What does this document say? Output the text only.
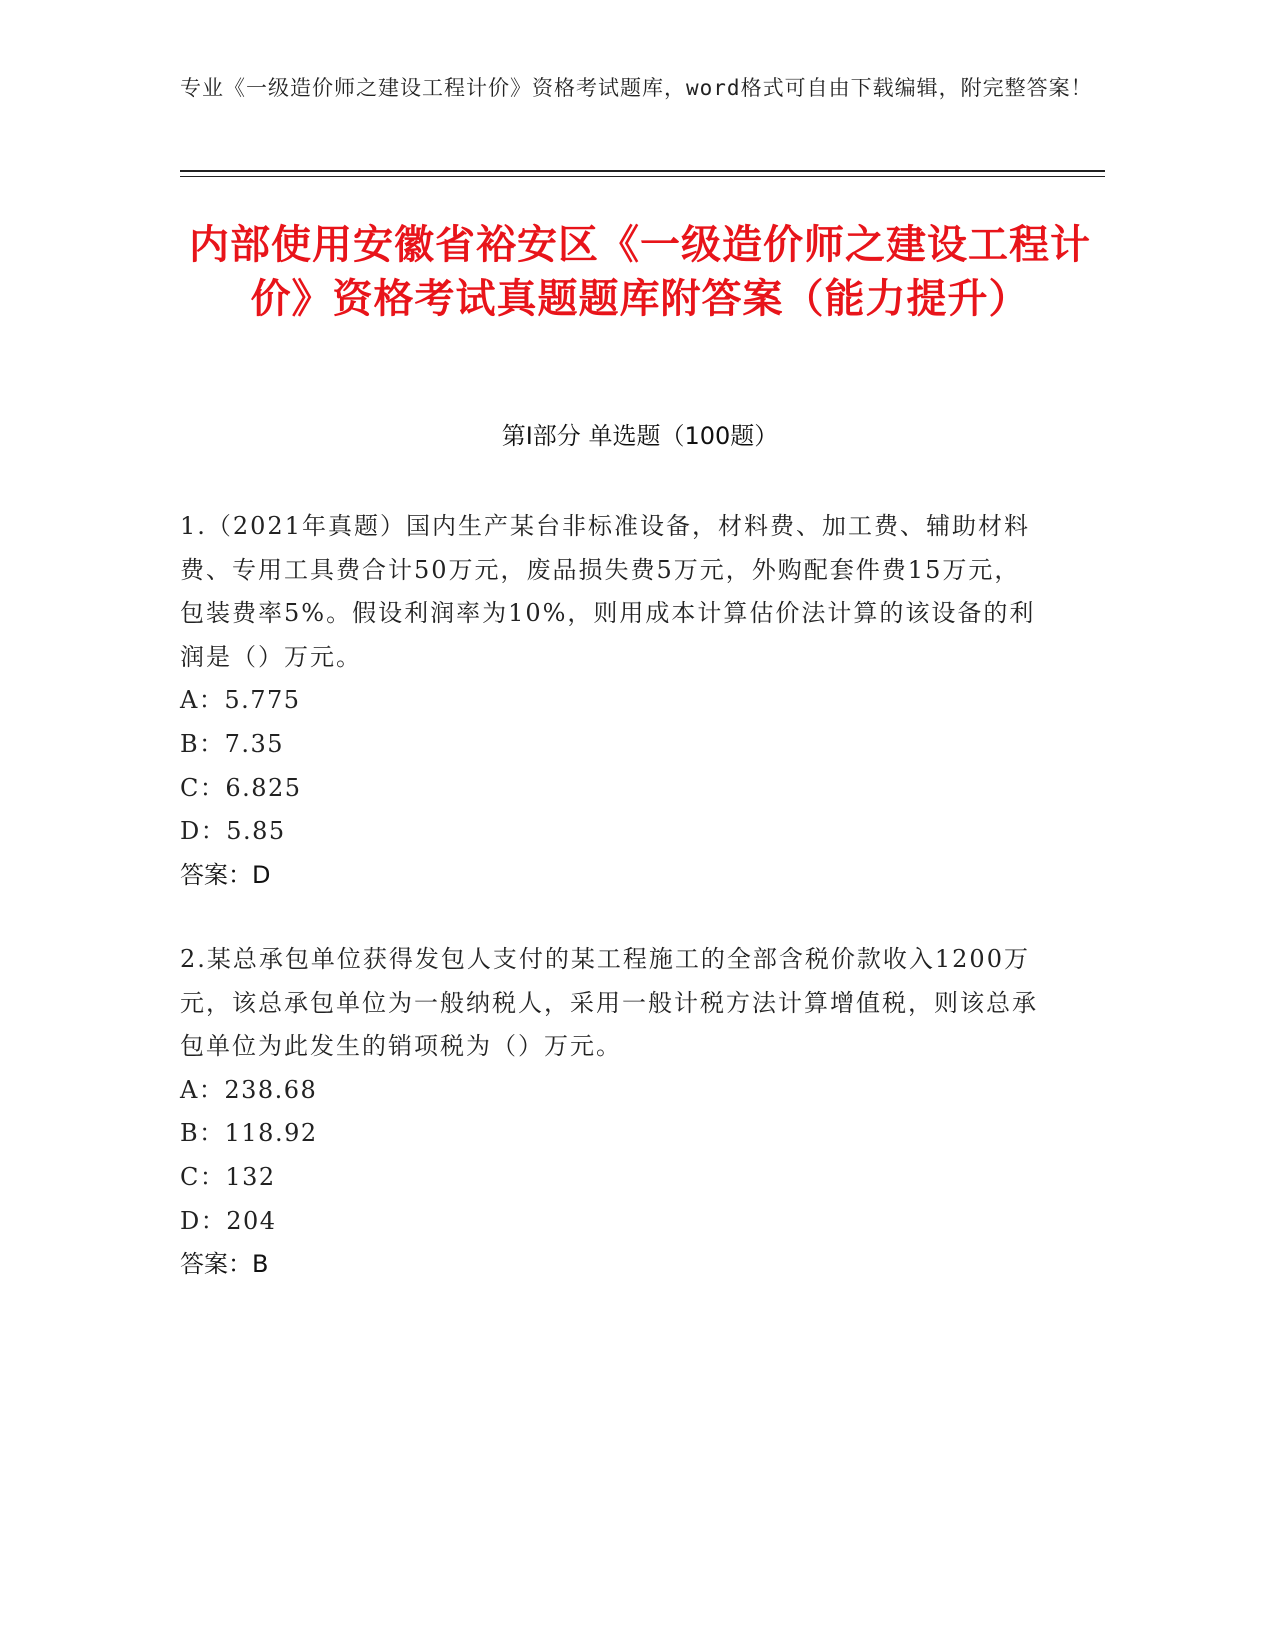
专业《一级造价师之建设工程计价》资格考试题库，word格式可自由下载编辑，附完整答案！
内部使用安徽省裕安区《一级造价师之建设工程计价》资格考试真题题库附答案（能力提升）
第Ⅰ部分 单选题（100题）

1.（2021年真题）国内生产某台非标准设备，材料费、加工费、辅助材料费、专用工具费合计50万元，废品损失费5万元，外购配套件费15万元，包装费率5%。假设利润率为10%，则用成本计算估价法计算的该设备的利润是（）万元。

A：5.775

B：7.35

C：6.825

D：5.85

答案：D

2.某总承包单位获得发包人支付的某工程施工的全部含税价款收入1200万元，该总承包单位为一般纳税人，采用一般计税方法计算增值税，则该总承包单位为此发生的销项税为（）万元。

A：238.68

B：118.92

C：132

D：204

答案：B
